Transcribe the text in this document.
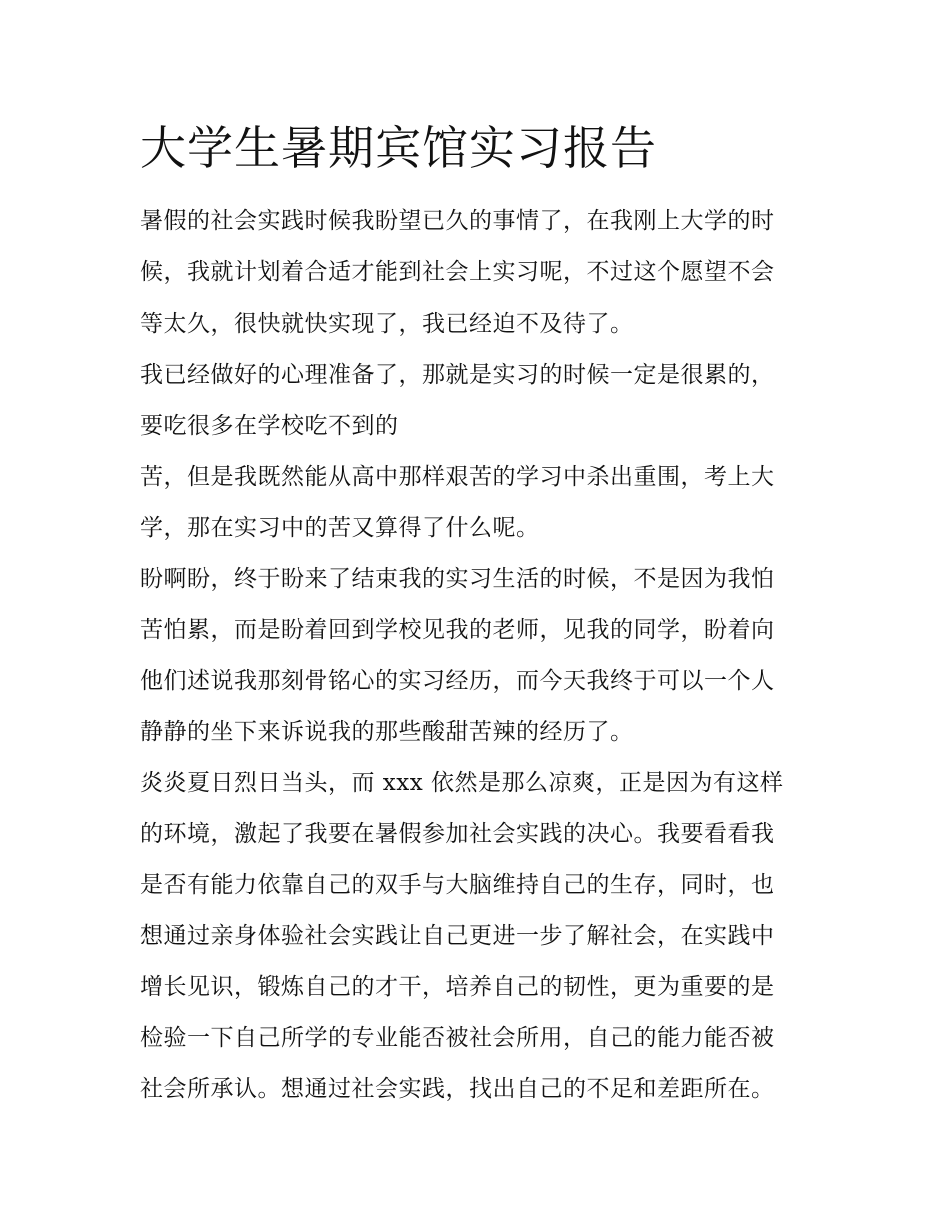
大学生暑期宾馆实习报告

暑假的社会实践时候我盼望已久的事情了，在我刚上大学的时

候，我就计划着合适才能到社会上实习呢，不过这个愿望不会

等太久，很快就快实现了，我已经迫不及待了。

我已经做好的心理准备了，那就是实习的时候一定是很累的，

要吃很多在学校吃不到的

苦，但是我既然能从高中那样艰苦的学习中杀出重围，考上大

学，那在实习中的苦又算得了什么呢。

盼啊盼，终于盼来了结束我的实习生活的时候，不是因为我怕

苦怕累，而是盼着回到学校见我的老师，见我的同学，盼着向

他们述说我那刻骨铭心的实习经历，而今天我终于可以一个人

静静的坐下来诉说我的那些酸甜苦辣的经历了。

炎炎夏日烈日当头，而 xxx 依然是那么凉爽，正是因为有这样

的环境，激起了我要在暑假参加社会实践的决心。我要看看我

是否有能力依靠自己的双手与大脑维持自己的生存，同时，也

想通过亲身体验社会实践让自己更进一步了解社会，在实践中

增长见识，锻炼自己的才干，培养自己的韧性，更为重要的是

检验一下自己所学的专业能否被社会所用，自己的能力能否被

社会所承认。想通过社会实践，找出自己的不足和差距所在。
